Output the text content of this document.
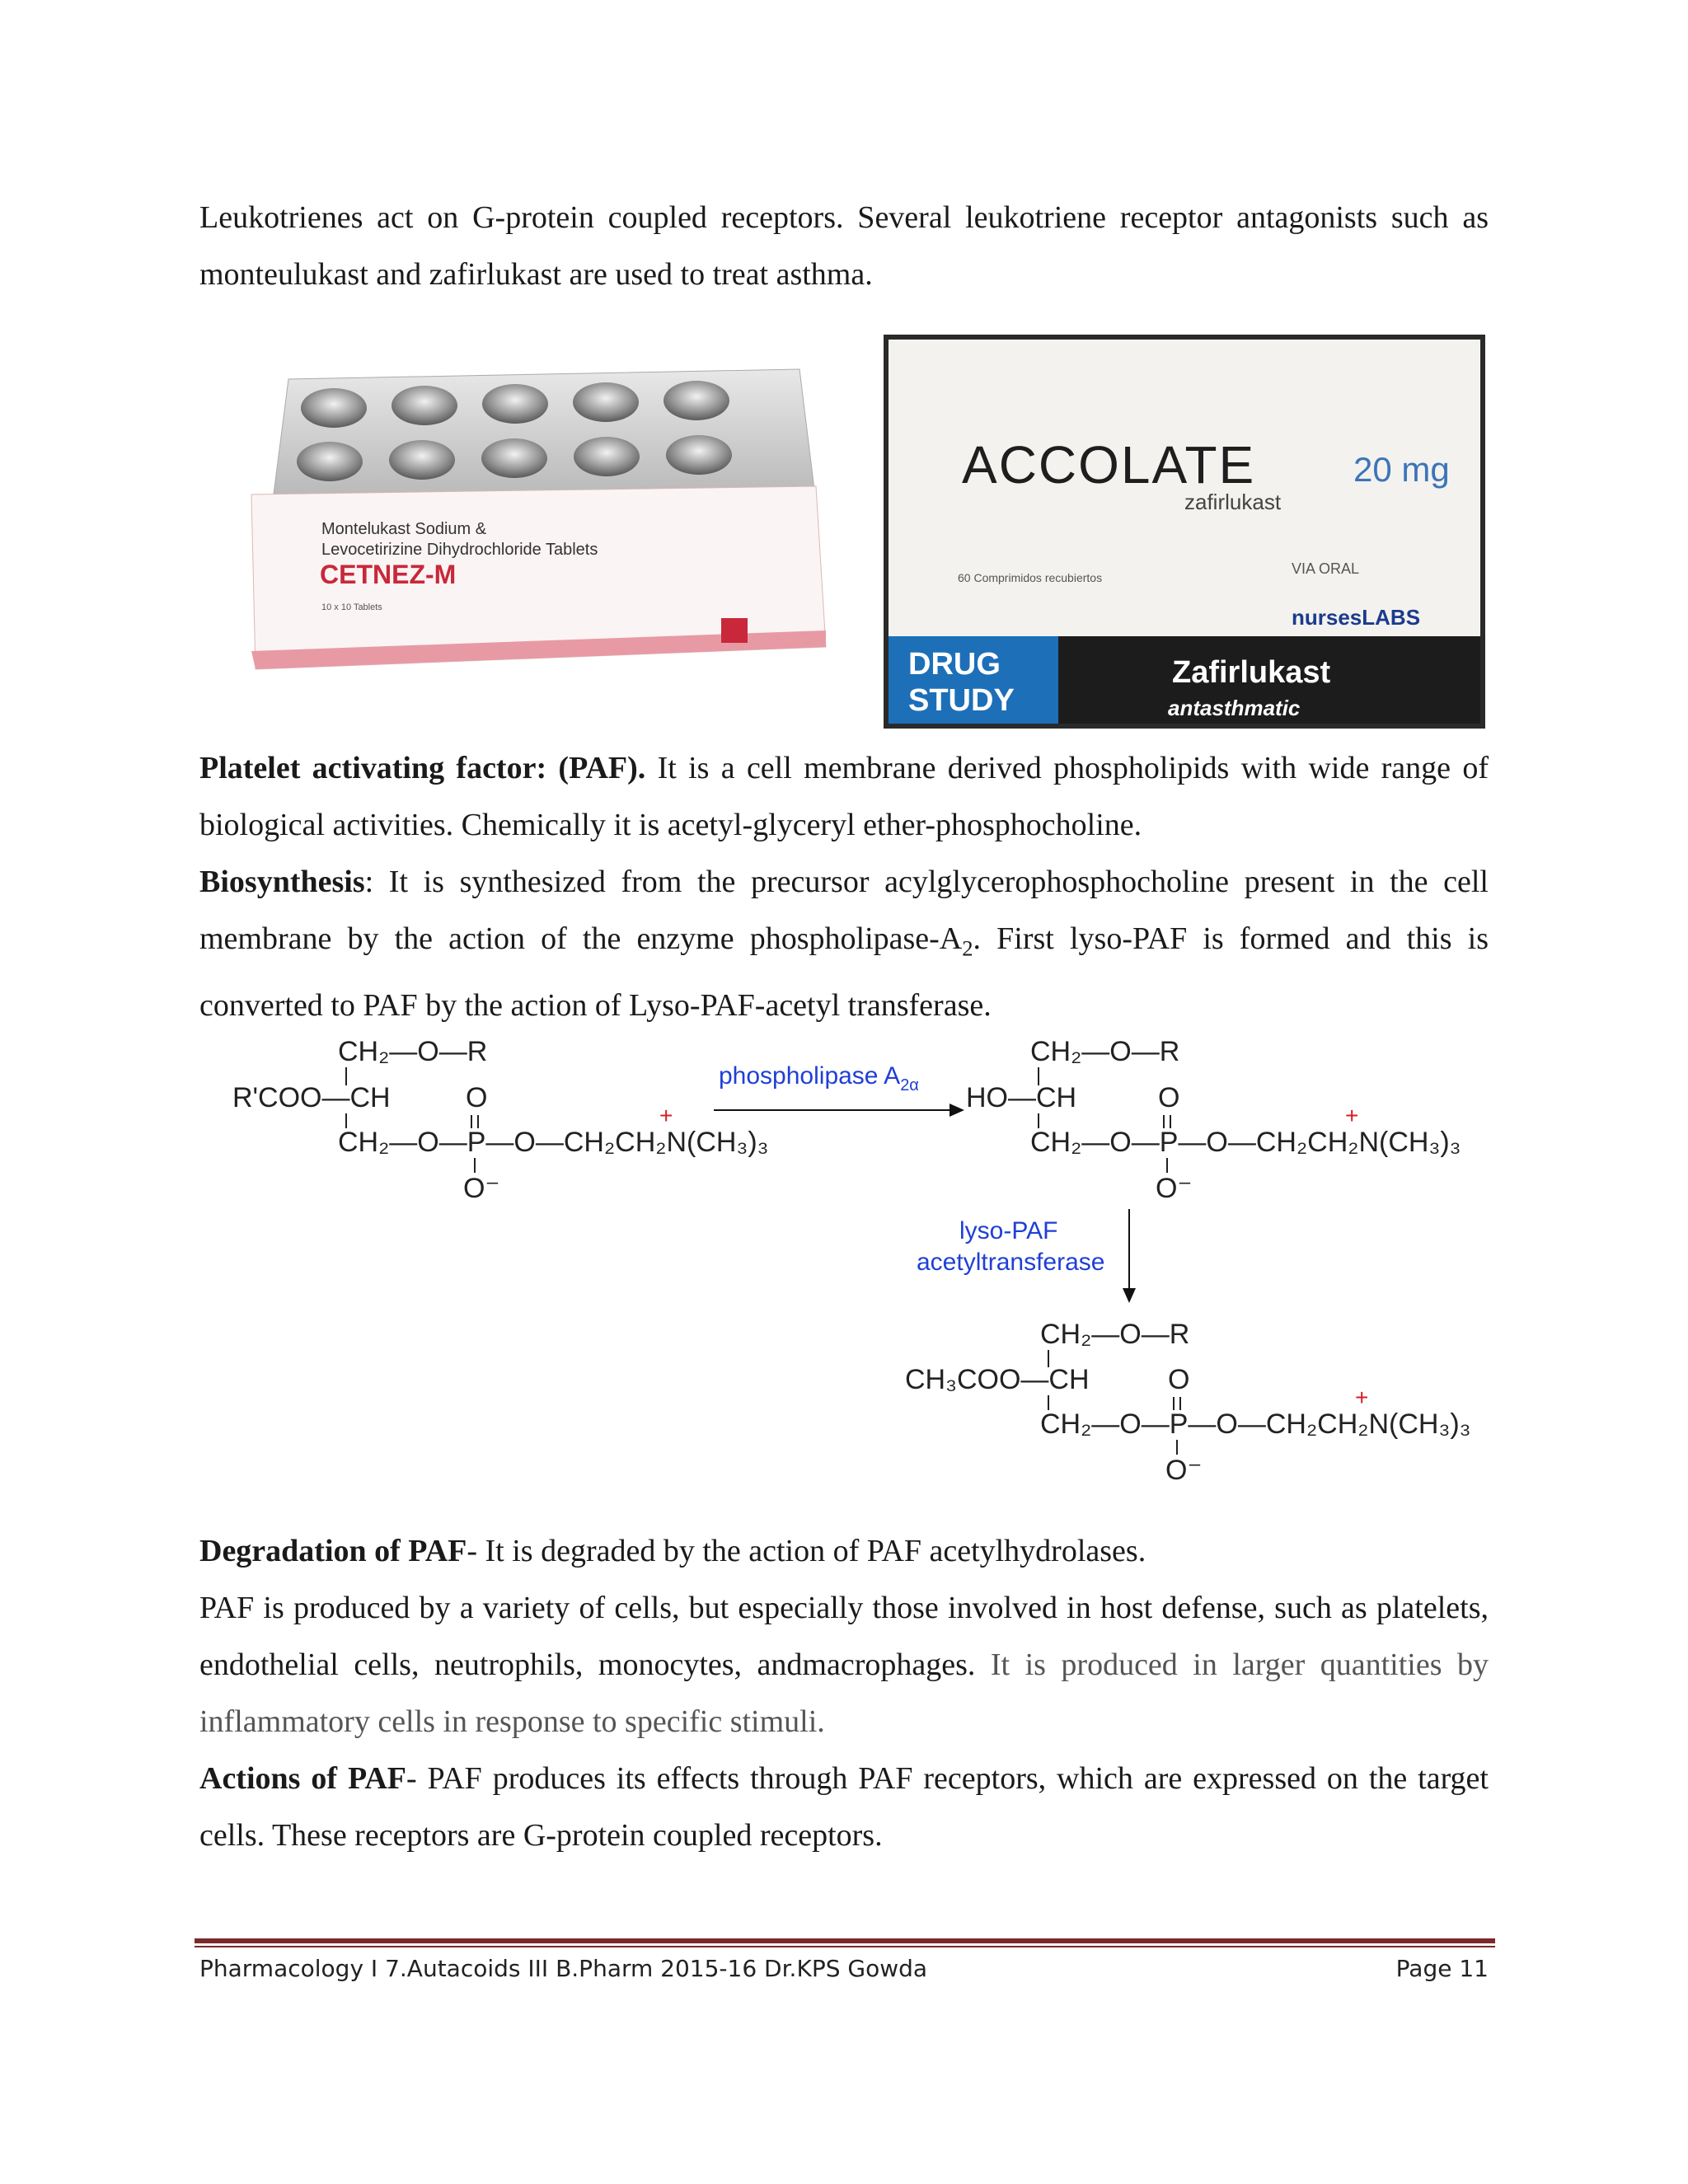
Leukotrienes act on G-protein coupled receptors. Several leukotriene receptor antagonists such as monteulukast and zafirlukast are used to treat asthma.

Montelukast Sodium &
Levocetirizine Dihydrochloride Tablets
CETNEZ-M
10 x 10 Tablets
ACCOLATE	20 mg
zafirlukast
60 Comprimidos recubiertos
VIA ORAL
nursesLABS
DRUG
STUDY
Zafirlukast
antasthmatic

Platelet activating factor: (PAF). It is a cell membrane derived phospholipids with wide range of biological activities. Chemically it is acetyl-glyceryl ether-phosphocholine.

Biosynthesis: It is synthesized from the precursor acylglycerophosphocholine present in the cell membrane by the action of the enzyme phospholipase-$A_2$. First lyso-PAF is formed and this is converted to PAF by the action of Lyso-PAF-acetyl transferase.

CH₂—O—R
R'COO—CH	O
CH₂—O—P—O—CH₂CH₂N(CH₃)₃
+
O⁻
phospholipase $A_{2\alpha}$
CH₂—O—R
HO—CH	O
CH₂—O—P—O—CH₂CH₂N(CH₃)₃
+
O⁻
lyso-PAF
acetyltransferase
CH₂—O—R
CH₃COO—CH	O
CH₂—O—P—O—CH₂CH₂N(CH₃)₃
+
O⁻

Degradation of PAF- It is degraded by the action of PAF acetylhydrolases.

PAF is produced by a variety of cells, but especially those involved in host defense, such as platelets, endothelial cells, neutrophils, monocytes, andmacrophages. It is produced in larger quantities by inflammatory cells in response to specific stimuli.

Actions of PAF- PAF produces its effects through PAF receptors, which are expressed on the target cells. These receptors are G-protein coupled receptors.

Pharmacology I 7.Autacoids III B.Pharm 2015-16 Dr.KPS Gowda	Page 11
